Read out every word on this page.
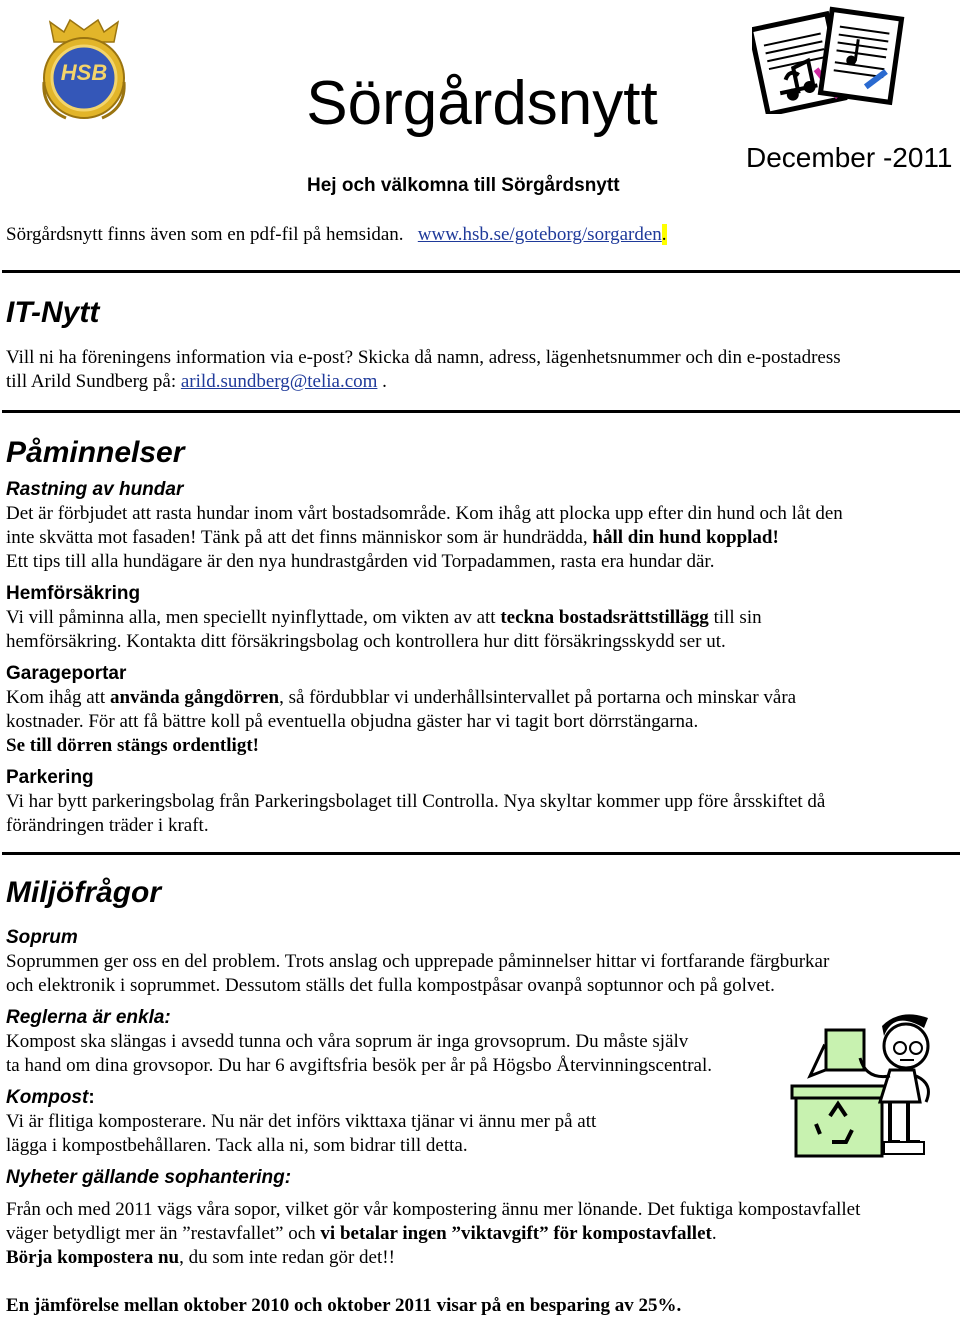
HSB	Sörgårdsnytt
Hej och välkomna till Sörgårdsnytt
December -2011
Sörgårdsnytt finns även som en pdf-fil på hemsidan. www.hsb.se/goteborg/sorgarden.
IT-Nytt

Vill ni ha föreningens information via e-post? Skicka då namn, adress, lägenhetsnummer och din e-postadress

till Arild Sundberg på: arild.sundberg@telia.com .

Påminnelser
Rastning av hundar

Det är förbjudet att rasta hundar inom vårt bostadsområde. Kom ihåg att plocka upp efter din hund och låt den

inte skvätta mot fasaden! Tänk på att det finns människor som är hundrädda, håll din hund kopplad!

Ett tips till alla hundägare är den nya hundrastgården vid Torpadammen, rasta era hundar där.

Hemförsäkring

Vi vill påminna alla, men speciellt nyinflyttade, om vikten av att teckna bostadsrättstillägg till sin

hemförsäkring. Kontakta ditt försäkringsbolag och kontrollera hur ditt försäkringsskydd ser ut.

Garageportar

Kom ihåg att använda gångdörren, så fördubblar vi underhållsintervallet på portarna och minskar våra

kostnader. För att få bättre koll på eventuella objudna gäster har vi tagit bort dörrstängarna.

Se till dörren stängs ordentligt!

Parkering

Vi har bytt parkeringsbolag från Parkeringsbolaget till Controlla. Nya skyltar kommer upp före årsskiftet då

förändringen träder i kraft.

Miljöfrågor
Soprum

Soprummen ger oss en del problem. Trots anslag och upprepade påminnelser hittar vi fortfarande färgburkar

och elektronik i soprummet. Dessutom ställs det fulla kompostpåsar ovanpå soptunnor och på golvet.

Reglerna är enkla:

Kompost ska slängas i avsedd tunna och våra soprum är inga grovsoprum. Du måste själv

ta hand om dina grovsopor. Du har 6 avgiftsfria besök per år på Högsbo Återvinningscentral.

Kompost:

Vi är flitiga komposterare. Nu när det införs vikttaxa tjänar vi ännu mer på att

lägga i kompostbehållaren. Tack alla ni, som bidrar till detta.

Nyheter gällande sophantering:

Från och med 2011 vägs våra sopor, vilket gör vår kompostering ännu mer lönande. Det fuktiga kompostavfallet

väger betydligt mer än ”restavfallet” och vi betalar ingen ”viktavgift” för kompostavfallet.

Börja kompostera nu, du som inte redan gör det!!

En jämförelse mellan oktober 2010 och oktober 2011 visar på en besparing av 25%.
